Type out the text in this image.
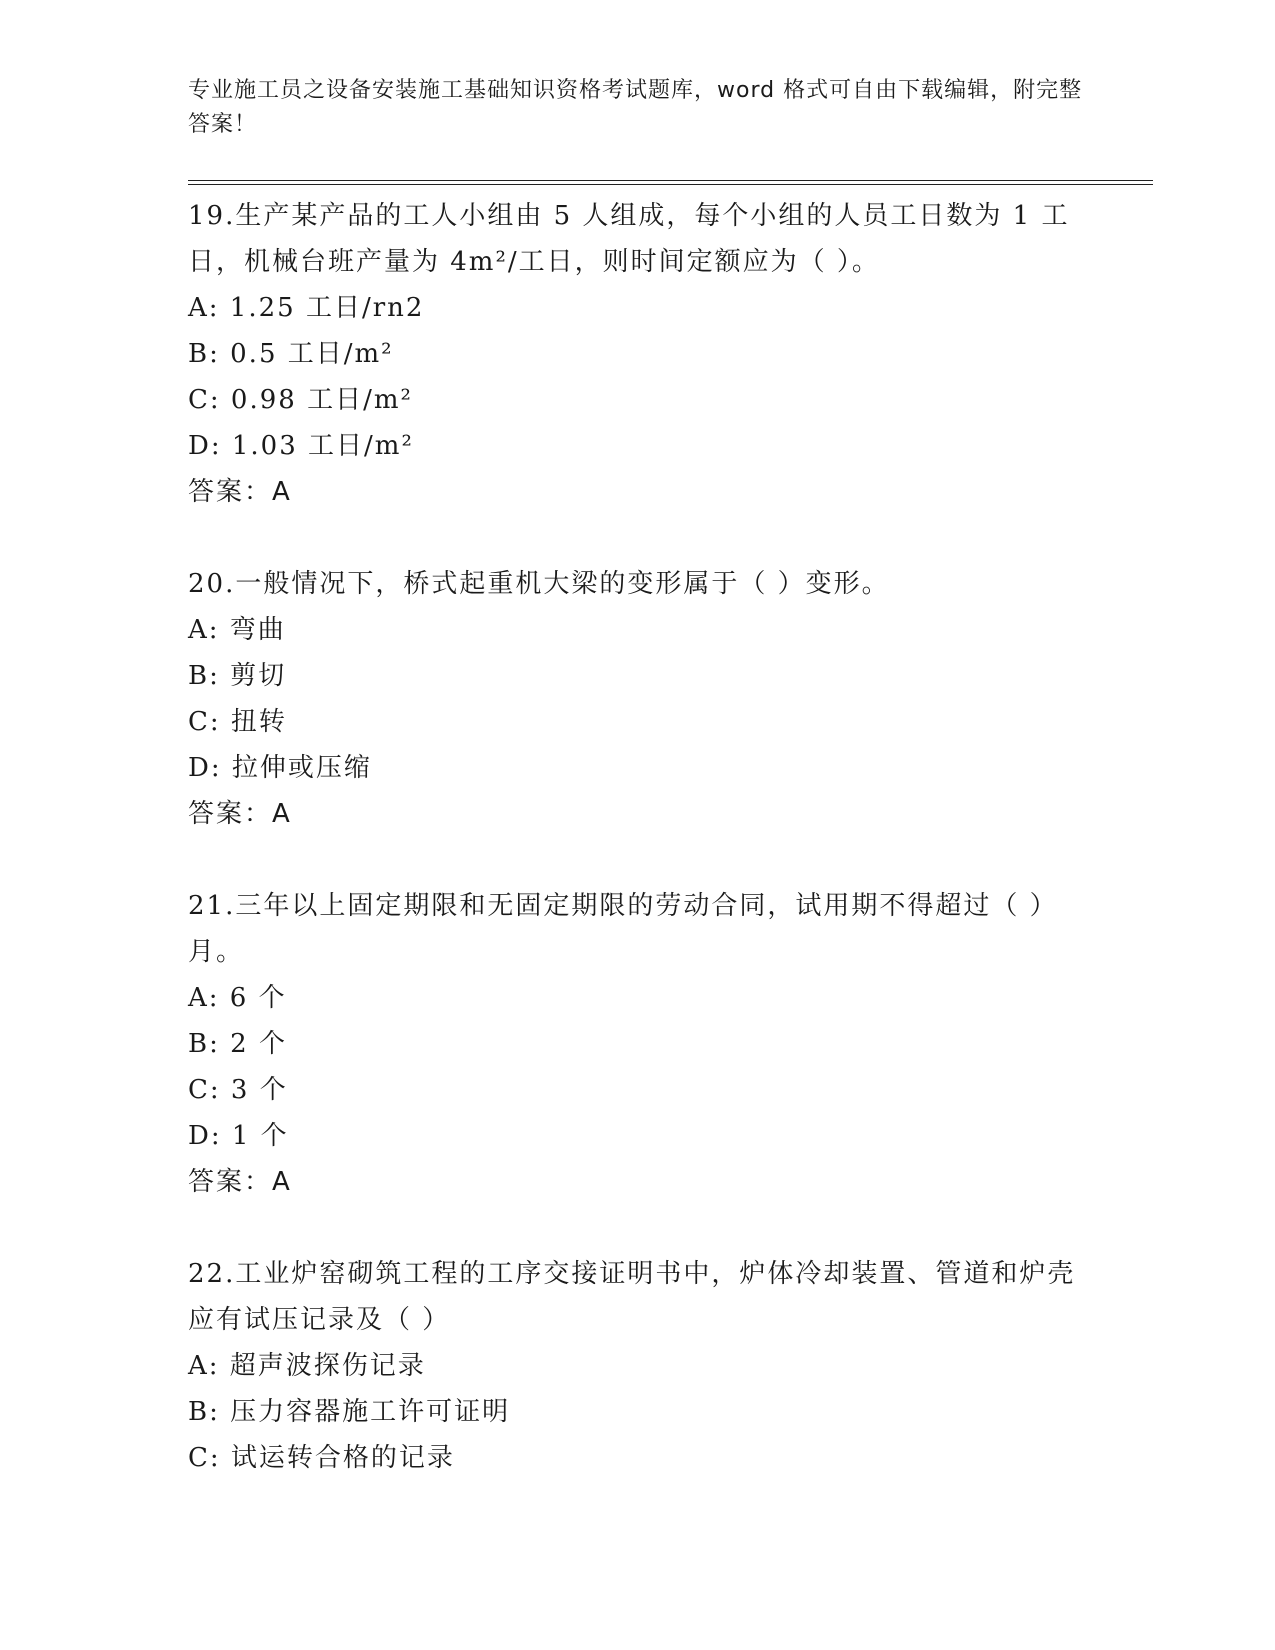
专业施工员之设备安装施工基础知识资格考试题库，word 格式可自由下载编辑，附完整答案！
19.生产某产品的工人小组由 5 人组成，每个小组的人员工日数为 1 工日，机械台班产量为 4m²/工日，则时间定额应为（ ）。
A: 1.25 工日/rn2
B: 0.5 工日/m²
C: 0.98 工日/m²
D: 1.03 工日/m²
答案：A
20.一般情况下，桥式起重机大梁的变形属于（ ）变形。
A: 弯曲
B: 剪切
C: 扭转
D: 拉伸或压缩
答案：A
21.三年以上固定期限和无固定期限的劳动合同，试用期不得超过（ ）月。
A: 6 个
B: 2 个
C: 3 个
D: 1 个
答案：A
22.工业炉窑砌筑工程的工序交接证明书中，炉体冷却装置、管道和炉壳应有试压记录及（ ）
A: 超声波探伤记录
B: 压力容器施工许可证明
C: 试运转合格的记录
